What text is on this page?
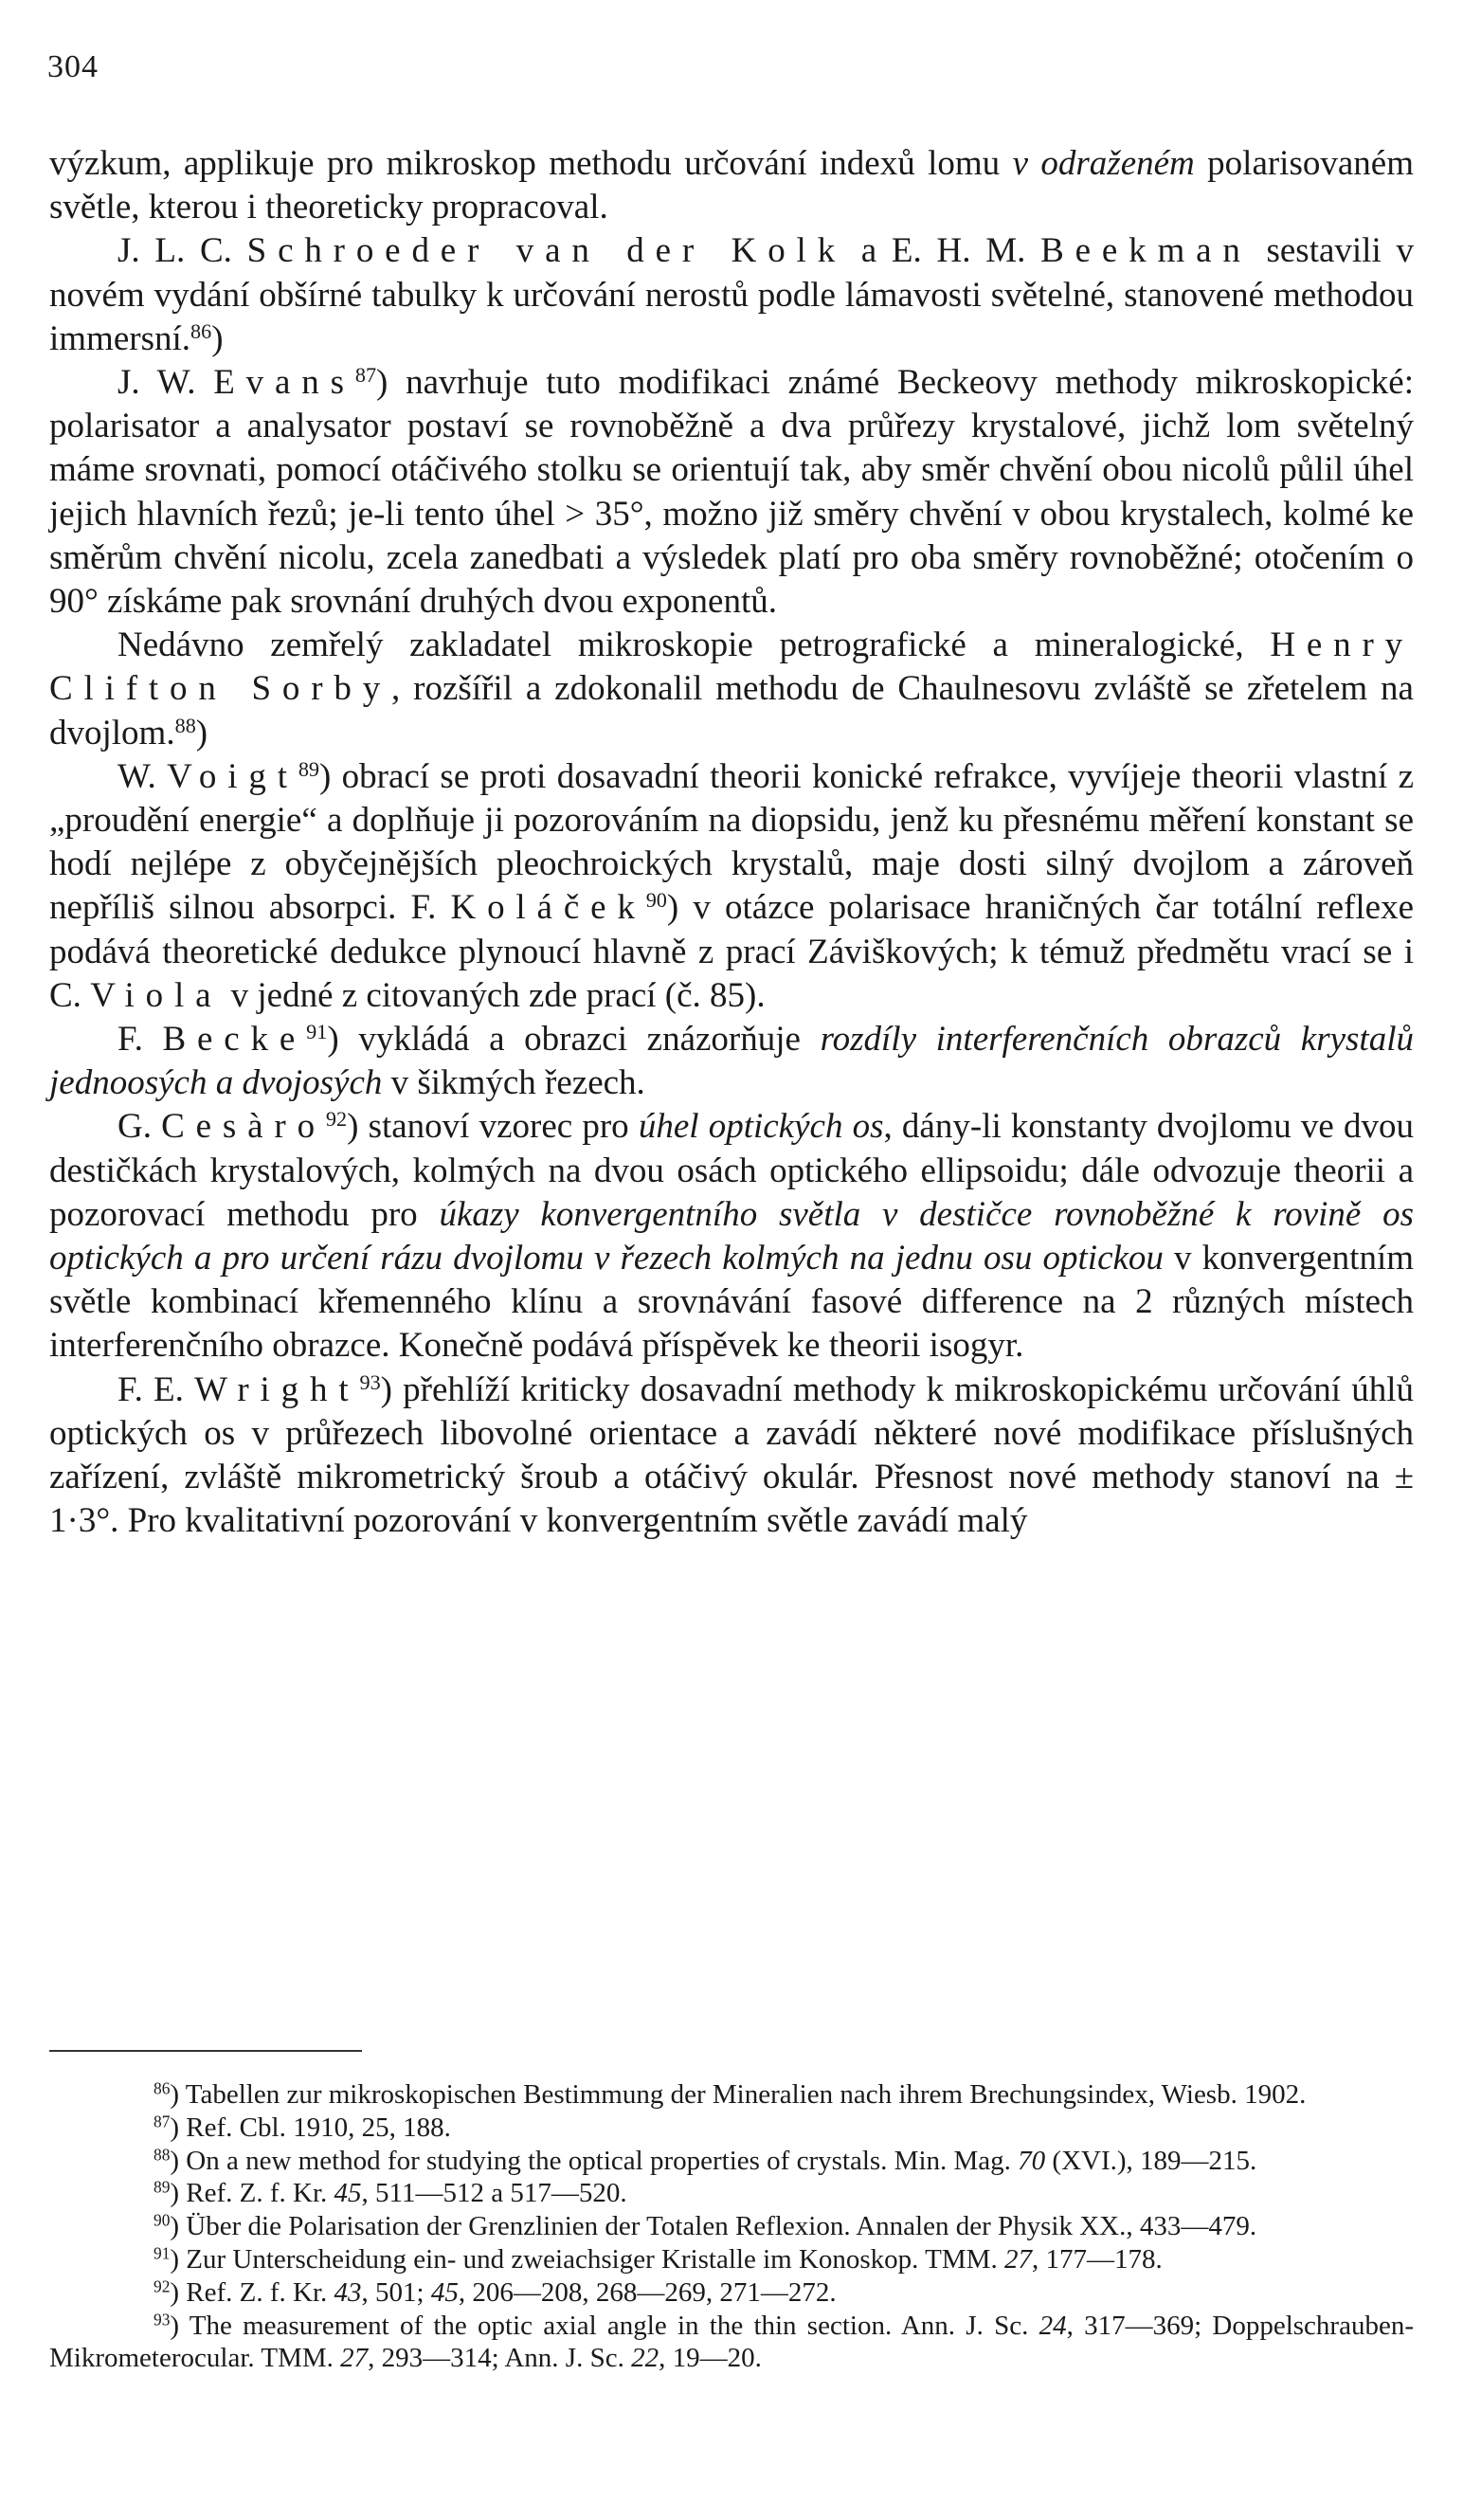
304

výzkum, applikuje pro mikroskop methodu určování indexů lomu v odraženém polarisovaném světle, kterou i theoreticky propracoval.

J. L. C. Schroeder van der Kolk a E. H. M. Beekman sestavili v novém vydání obšírné tabulky k určování nerostů podle lámavosti světelné, stanovené methodou immersní.$^{86}$)

J. W. Evans$^{87}$) navrhuje tuto modifikaci známé Beckeovy methody mikroskopické: polarisator a analysator postaví se rovnoběžně a dva průřezy krystalové, jichž lom světelný máme srovnati, pomocí otáčivého stolku se orientují tak, aby směr chvění obou nicolů půlil úhel jejich hlavních řezů; je-li tento úhel > 35°, možno již směry chvění v obou krystalech, kolmé ke směrům chvění nicolu, zcela zanedbati a výsledek platí pro oba směry rovnoběžné; otočením o 90° získáme pak srovnání druhých dvou exponentů.

Nedávno zemřelý zakladatel mikroskopie petrografické a mineralogické, Henry Clifton Sorby, rozšířil a zdokonalil methodu de Chaulnesovu zvláště se zřetelem na dvojlom.$^{88}$)

W. Voigt$^{89}$) obrací se proti dosavadní theorii konické refrakce, vyvíjeje theorii vlastní z „proudění energie“ a doplňuje ji pozorováním na diopsidu, jenž ku přesnému měření konstant se hodí nejlépe z obyčejnějších pleochroických krystalů, maje dosti silný dvojlom a zároveň nepříliš silnou absorpci. F. Koláček$^{90}$) v otázce polarisace hraničných čar totální reflexe podává theoretické dedukce plynoucí hlavně z prací Záviškových; k témuž předmětu vrací se i C. Viola v jedné z citovaných zde prací (č. 85).

F. Becke$^{91}$) vykládá a obrazci znázorňuje rozdíly interferenčních obrazců krystalů jednoosých a dvojosých v šikmých řezech.

G. Cesàro$^{92}$) stanoví vzorec pro úhel optických os, dány-li konstanty dvojlomu ve dvou destičkách krystalových, kolmých na dvou osách optického ellipsoidu; dále odvozuje theorii a pozorovací methodu pro úkazy konvergentního světla v destičce rovnoběžné k rovině os optických a pro určení rázu dvojlomu v řezech kolmých na jednu osu optickou v konvergentním světle kombinací křemenného klínu a srovnávání fasové difference na 2 různých místech interferenčního obrazce. Konečně podává příspěvek ke theorii isogyr.

F. E. Wright$^{93}$) přehlíží kriticky dosavadní methody k mikroskopickému určování úhlů optických os v průřezech libovolné orientace a zavádí některé nové modifikace příslušných zařízení, zvláště mikrometrický šroub a otáčivý okulár. Přesnost nové methody stanoví na ± 1·3°. Pro kvalitativní pozorování v konvergentním světle zavádí malý

$^{86}$) Tabellen zur mikroskopischen Bestimmung der Mineralien nach ihrem Brechungsindex, Wiesb. 1902.

$^{87}$) Ref. Cbl. 1910, 25, 188.

$^{88}$) On a new method for studying the optical properties of crystals. Min. Mag. 70 (XVI.), 189—215.

$^{89}$) Ref. Z. f. Kr. 45, 511—512 a 517—520.

$^{90}$) Über die Polarisation der Grenzlinien der Totalen Reflexion. Annalen der Physik XX., 433—479.

$^{91}$) Zur Unterscheidung ein- und zweiachsiger Kristalle im Konoskop. TMM. 27, 177—178.

$^{92}$) Ref. Z. f. Kr. 43, 501; 45, 206—208, 268—269, 271—272.

$^{93}$) The measurement of the optic axial angle in the thin section. Ann. J. Sc. 24, 317—369; Doppelschrauben-Mikrometerocular. TMM. 27, 293—314; Ann. J. Sc. 22, 19—20.
